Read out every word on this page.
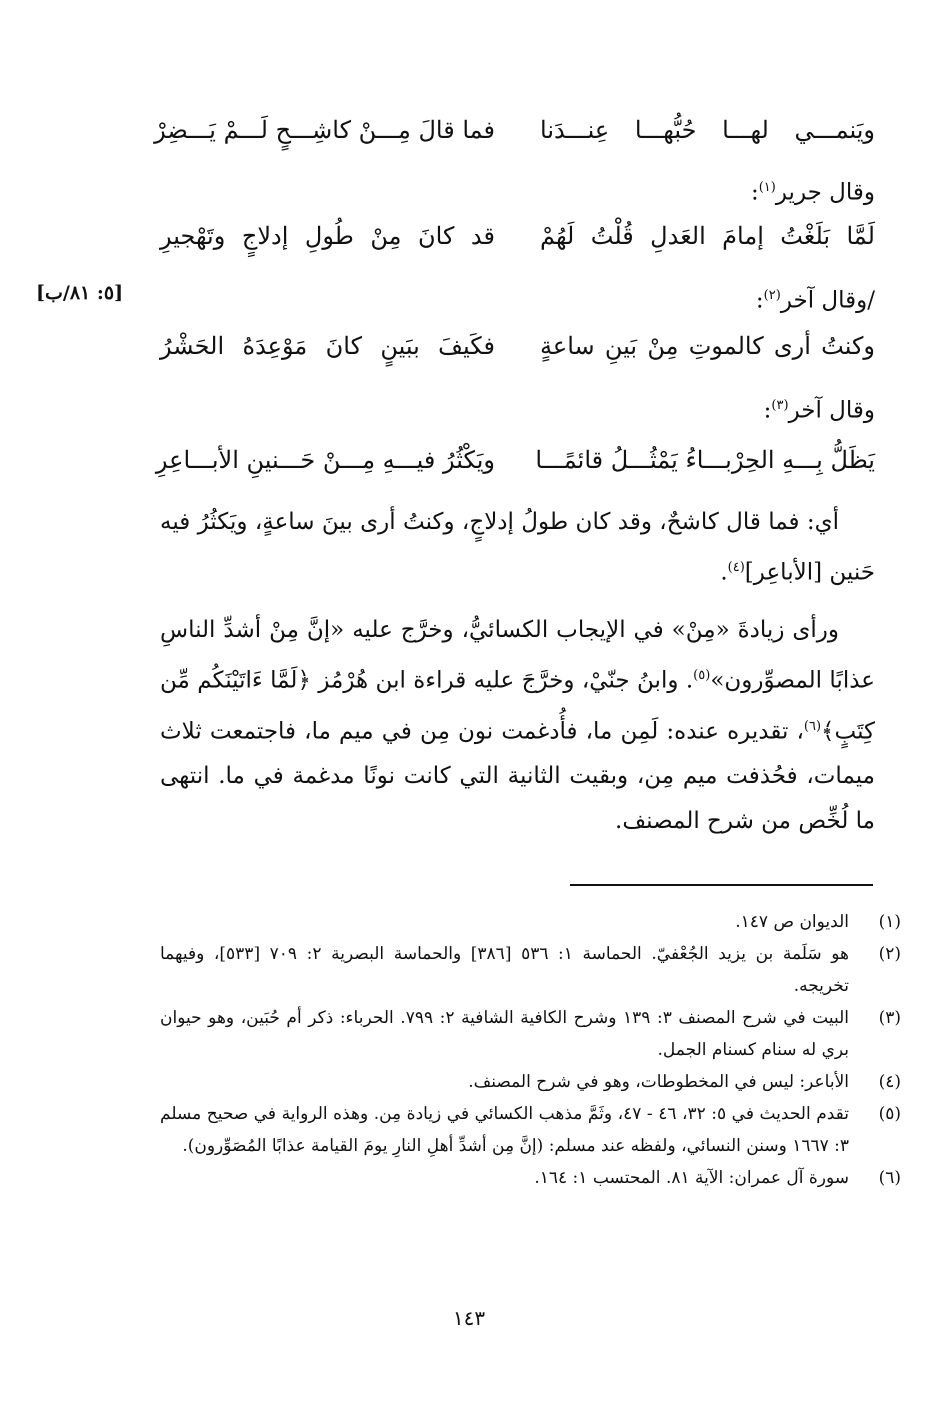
ويَنمـــي لهـــا حُبُّهـــا عِنـــدَنا
فما قالَ مِـــنْ كاشِـــحٍ لَـــمْ يَـــضِرْ
وقال جرير$^{(١)}$:
لَمَّا بَلَغْتُ إمامَ العَدلِ قُلْتُ لَهُمْ
قد كانَ مِنْ طُولِ إدلاجٍ وتَهْجيرِ
[٥: ٨١/ب]	/وقال آخر$^{(٢)}$:
وكنتُ أرى كالموتِ مِنْ بَينِ ساعةٍ
فكَيفَ ببَينٍ كانَ مَوْعِدَهُ الحَشْرُ
وقال آخر$^{(٣)}$:
يَظَلُّ بِـــهِ الحِرْبـــاءُ يَمْثُـــلُ قائمًـــا
ويَكْثُرُ فيـــهِ مِـــنْ حَـــنينِ الأبـــاعِرِ
أي: فما قال كاشحٌ، وقد كان طولُ إدلاجٍ، وكنتُ أرى بينَ ساعةٍ، ويَكثُرُ فيه حَنين [الأباعِر]$^{(٤)}$.
ورأى زيادةَ «مِنْ» في الإيجاب الكسائيُّ، وخرَّج عليه «إنَّ مِنْ أشدِّ الناسِ عذابًا المصوِّرون»$^{(٥)}$. وابنُ جنّيْ، وخرَّجَ عليه قراءة ابن هُرْمُز ﴿لَمَّا ءَاتَيْنَكُم مِّن كِتَبٍ﴾$^{(٦)}$، تقديره عنده: لَمِن ما، فأُدغمت نون مِن في ميم ما، فاجتمعت ثلاث ميمات، فحُذفت ميم مِن، وبقيت الثانية التي كانت نونًا مدغمة في ما. انتهى ما لُخِّص من شرح المصنف.
(١)الديوان ص ١٤٧.
(٢)هو سَلَمة بن يزيد الجُعْفيّ. الحماسة ١: ٥٣٦ [٣٨٦] والحماسة البصرية ٢: ٧٠٩ [٥٣٣]، وفيهما تخريجه.
(٣)البيت في شرح المصنف ٣: ١٣٩ وشرح الكافية الشافية ٢: ٧٩٩. الحرباء: ذكر أم حُبَين، وهو حيوان بري له سنام كسنام الجمل.
(٤)الأباعر: ليس في المخطوطات، وهو في شرح المصنف.
(٥)تقدم الحديث في ٥: ٣٢، ٤٦ - ٤٧، وثَمَّ مذهب الكسائي في زيادة مِن. وهذه الرواية في صحيح مسلم ٣: ١٦٦٧ وسنن النسائي، ولفظه عند مسلم: (إنَّ مِن أشدِّ أهلِ النارِ يومَ القيامة عذابًا المُصَوِّرون).
(٦)سورة آل عمران: الآية ٨١. المحتسب ١: ١٦٤.
١٤٣
